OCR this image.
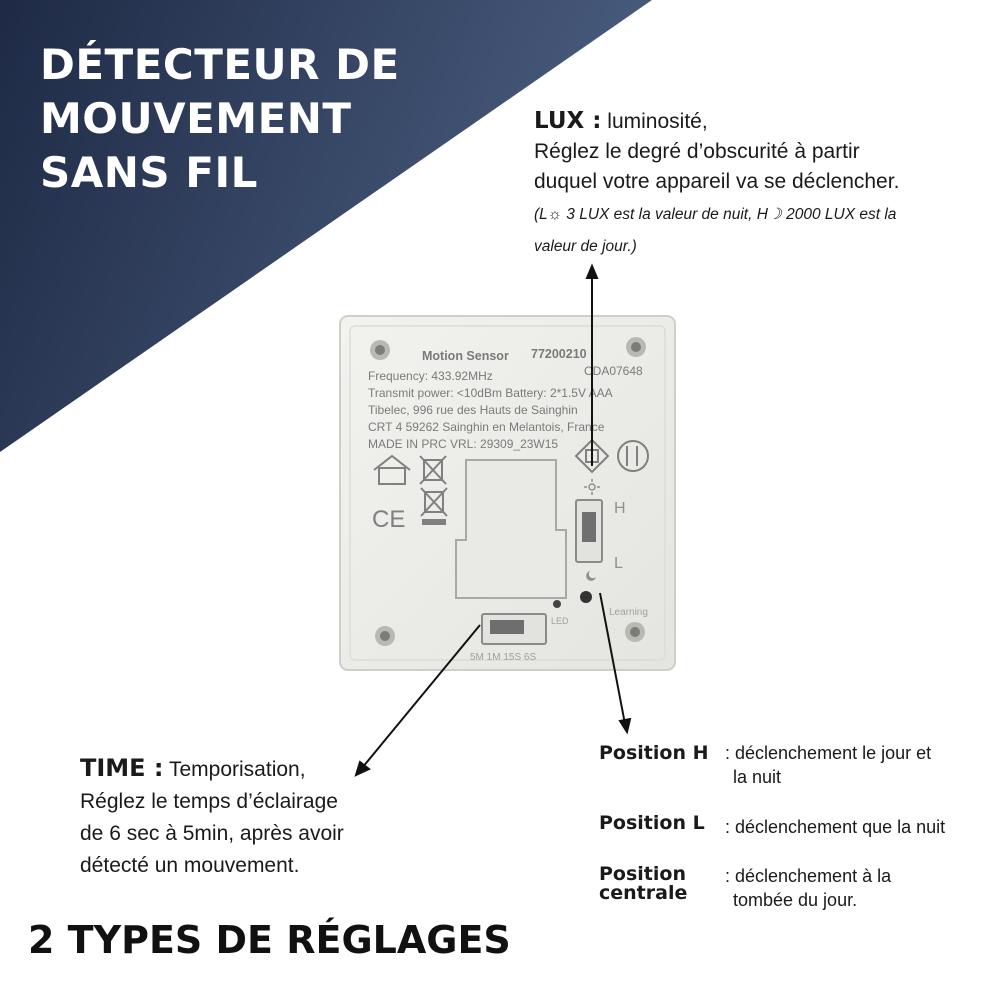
DÉTECTEUR DE
MOUVEMENT
SANS FIL
Motion Sensor 77200210
Frequency: 433.92MHz	CDA07648
Transmit power: <10dBm Battery: 2*1.5V AAA
Tibelec, 996 rue des Hauts de Sainghin
CRT 4 59262 Sainghin en Melantois, France
MADE IN PRC VRL: 29309_23W15
CE	H
L
LED
Learning
5M 1M 15S 6S
LUX : luminosité,
Réglez le degré d’obscurité à partir
duquel votre appareil va se déclencher.
(L☼ 3 LUX est la valeur de nuit, H☽ 2000 LUX est la
valeur de jour.)
TIME : Temporisation,
Réglez le temps d’éclairage
de 6 sec à 5min, après avoir
détecté un mouvement.
Position H : déclenchement le jour et
la nuit
Position L : déclenchement que la nuit
Position
centrale
: déclenchement à la
tombée du jour.
2 TYPES DE RÉGLAGES
